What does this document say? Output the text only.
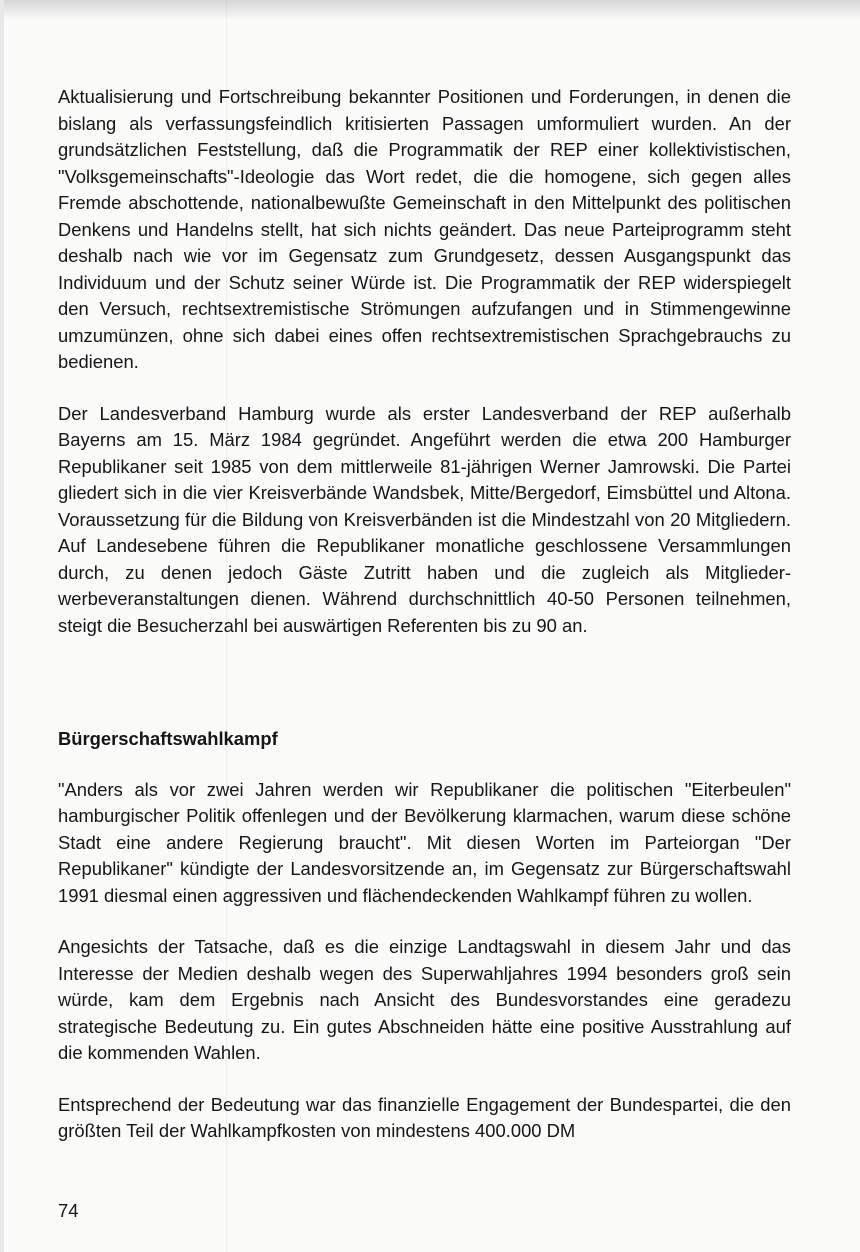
Aktualisierung und Fortschreibung bekannter Positionen und Forderungen, in denen die bislang als verfassungsfeindlich kritisierten Passagen umformuliert wurden. An der grundsätzlichen Feststellung, daß die Programmatik der REP einer kollektivistischen, "Volksgemeinschafts"-Ideologie das Wort redet, die die homogene, sich gegen alles Fremde abschottende, nationalbewußte Gemeinschaft in den Mittelpunkt des politischen Denkens und Handelns stellt, hat sich nichts geändert. Das neue Parteiprogramm steht deshalb nach wie vor im Gegensatz zum Grundgesetz, dessen Ausgangspunkt das Individuum und der Schutz seiner Würde ist. Die Programmatik der REP widerspiegelt den Versuch, rechtsextremistische Strömungen aufzufangen und in Stimmengewinne umzumünzen, ohne sich dabei eines offen rechtsextremistischen Sprachgebrauchs zu bedienen.

Der Landesverband Hamburg wurde als erster Landesverband der REP außerhalb Bayerns am 15. März 1984 gegründet. Angeführt werden die etwa 200 Hamburger Republikaner seit 1985 von dem mittlerweile 81-jährigen Werner Jamrowski. Die Partei gliedert sich in die vier Kreisverbände Wandsbek, Mitte/Bergedorf, Eimsbüttel und Altona. Voraussetzung für die Bildung von Kreisverbänden ist die Mindestzahl von 20 Mitgliedern. Auf Landesebene führen die Republikaner monatliche geschlossene Versammlungen durch, zu denen jedoch Gäste Zutritt haben und die zugleich als Mitgliederwerbeveranstaltungen dienen. Während durchschnittlich 40-50 Personen teilnehmen, steigt die Besucherzahl bei auswärtigen Referenten bis zu 90 an.

Bürgerschaftswahlkampf

"Anders als vor zwei Jahren werden wir Republikaner die politischen "Eiterbeulen" hamburgischer Politik offenlegen und der Bevölkerung klarmachen, warum diese schöne Stadt eine andere Regierung braucht". Mit diesen Worten im Parteiorgan "Der Republikaner" kündigte der Landesvorsitzende an, im Gegensatz zur Bürgerschaftswahl 1991 diesmal einen aggressiven und flächendeckenden Wahlkampf führen zu wollen.

Angesichts der Tatsache, daß es die einzige Landtagswahl in diesem Jahr und das Interesse der Medien deshalb wegen des Superwahljahres 1994 besonders groß sein würde, kam dem Ergebnis nach Ansicht des Bundesvorstandes eine geradezu strategische Bedeutung zu. Ein gutes Abschneiden hätte eine positive Ausstrahlung auf die kommenden Wahlen.

Entsprechend der Bedeutung war das finanzielle Engagement der Bundespartei, die den größten Teil der Wahlkampfkosten von mindestens 400.000 DM

74
